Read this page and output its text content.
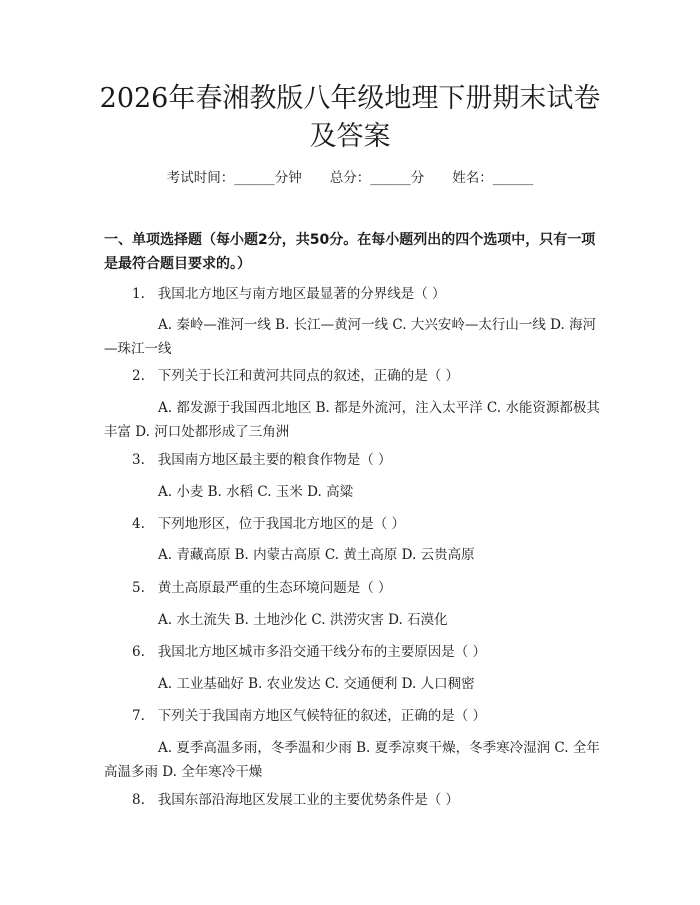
2026年春湘教版八年级地理下册期末试卷及答案
考试时间：______分钟 总分：______分 姓名：______
一、单项选择题（每小题2分，共50分。在每小题列出的四个选项中，只有一项是最符合题目要求的。）
1. 我国北方地区与南方地区最显著的分界线是（ ）
A. 秦岭—淮河一线 B. 长江—黄河一线 C. 大兴安岭—太行山一线 D. 海河—珠江一线
2. 下列关于长江和黄河共同点的叙述，正确的是（ ）
A. 都发源于我国西北地区 B. 都是外流河，注入太平洋 C. 水能资源都极其丰富 D. 河口处都形成了三角洲
3. 我国南方地区最主要的粮食作物是（ ）
A. 小麦 B. 水稻 C. 玉米 D. 高粱
4. 下列地形区，位于我国北方地区的是（ ）
A. 青藏高原 B. 内蒙古高原 C. 黄土高原 D. 云贵高原
5. 黄土高原最严重的生态环境问题是（ ）
A. 水土流失 B. 土地沙化 C. 洪涝灾害 D. 石漠化
6. 我国北方地区城市多沿交通干线分布的主要原因是（ ）
A. 工业基础好 B. 农业发达 C. 交通便利 D. 人口稠密
7. 下列关于我国南方地区气候特征的叙述，正确的是（ ）
A. 夏季高温多雨，冬季温和少雨 B. 夏季凉爽干燥，冬季寒冷湿润 C. 全年高温多雨 D. 全年寒冷干燥
8. 我国东部沿海地区发展工业的主要优势条件是（ ）
